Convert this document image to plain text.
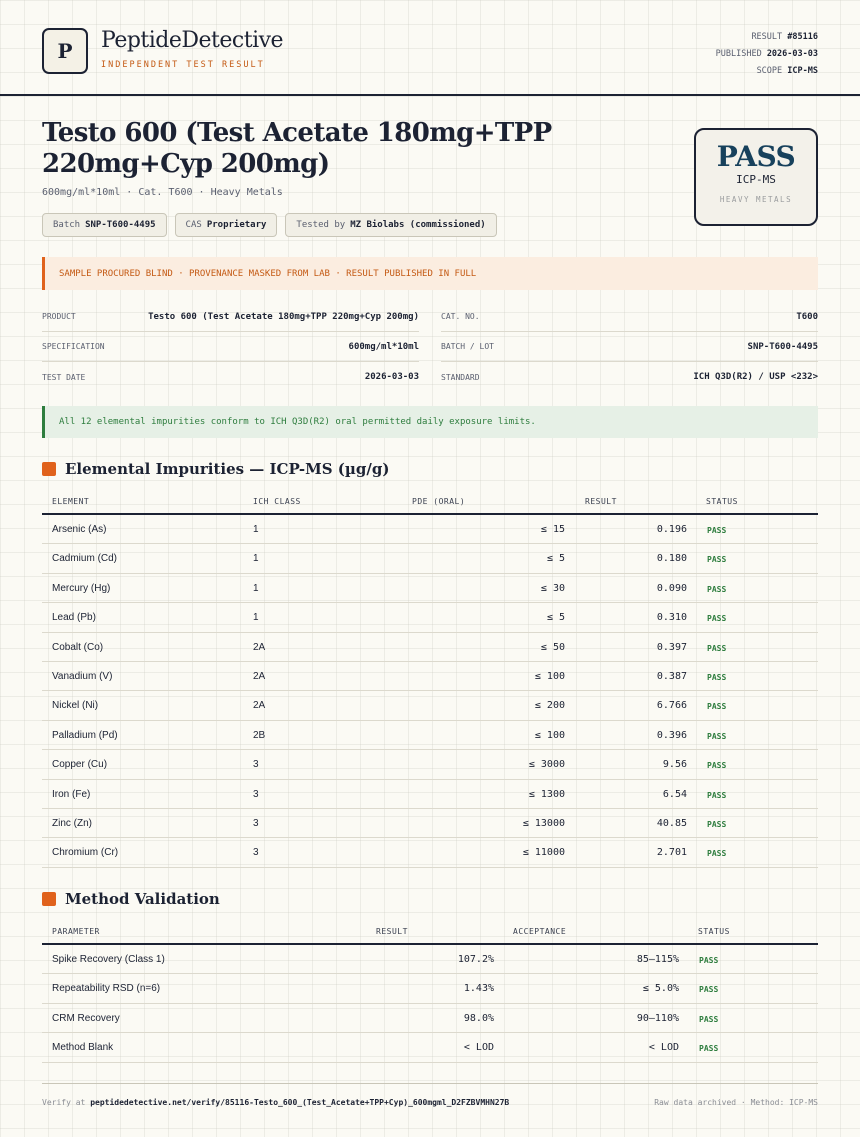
P	PeptideDetective
INDEPENDENT TEST RESULT
RESULT #85116
PUBLISHED 2026-03-03
SCOPE ICP-MS
Testo 600 (Test Acetate 180mg+TPP 220mg+Cyp 200mg)
600mg/ml*10ml · Cat. T600 · Heavy Metals
Batch SNP-T600-4495	CAS Proprietary	Tested by MZ Biolabs (commissioned)
PASS
ICP-MS
HEAVY METALS
SAMPLE PROCURED BLIND · PROVENANCE MASKED FROM LAB · RESULT PUBLISHED IN FULL
PRODUCT	Testo 600 (Test Acetate 180mg+TPP 220mg+Cyp 200mg)
SPECIFICATION	600mg/ml*10ml
TEST DATE	2026-03-03
CAT. NO.	T600
BATCH / LOT	SNP-T600-4495
STANDARD	ICH Q3D(R2) / USP <232>
All 12 elemental impurities conform to ICH Q3D(R2) oral permitted daily exposure limits.
Elemental Impurities — ICP-MS (µg/g)
ELEMENT	ICH CLASS	PDE (ORAL)	RESULT	STATUS
Arsenic (As)	1	≤ 15	0.196	PASS
Cadmium (Cd)	1	≤ 5	0.180	PASS
Mercury (Hg)	1	≤ 30	0.090	PASS
Lead (Pb)	1	≤ 5	0.310	PASS
Cobalt (Co)	2A	≤ 50	0.397	PASS
Vanadium (V)	2A	≤ 100	0.387	PASS
Nickel (Ni)	2A	≤ 200	6.766	PASS
Palladium (Pd)	2B	≤ 100	0.396	PASS
Copper (Cu)	3	≤ 3000	9.56	PASS
Iron (Fe)	3	≤ 1300	6.54	PASS
Zinc (Zn)	3	≤ 13000	40.85	PASS
Chromium (Cr)	3	≤ 11000	2.701	PASS
Method Validation
PARAMETER	RESULT	ACCEPTANCE	STATUS
Spike Recovery (Class 1)	107.2%	85–115%	PASS
Repeatability RSD (n=6)	1.43%	≤ 5.0%	PASS
CRM Recovery	98.0%	90–110%	PASS
Method Blank	< LOD	< LOD	PASS
Verify at peptidedetective.net/verify/85116-Testo_600_(Test_Acetate+TPP+Cyp)_600mgml_D2FZBVMHN27B	Raw data archived · Method: ICP-MS
